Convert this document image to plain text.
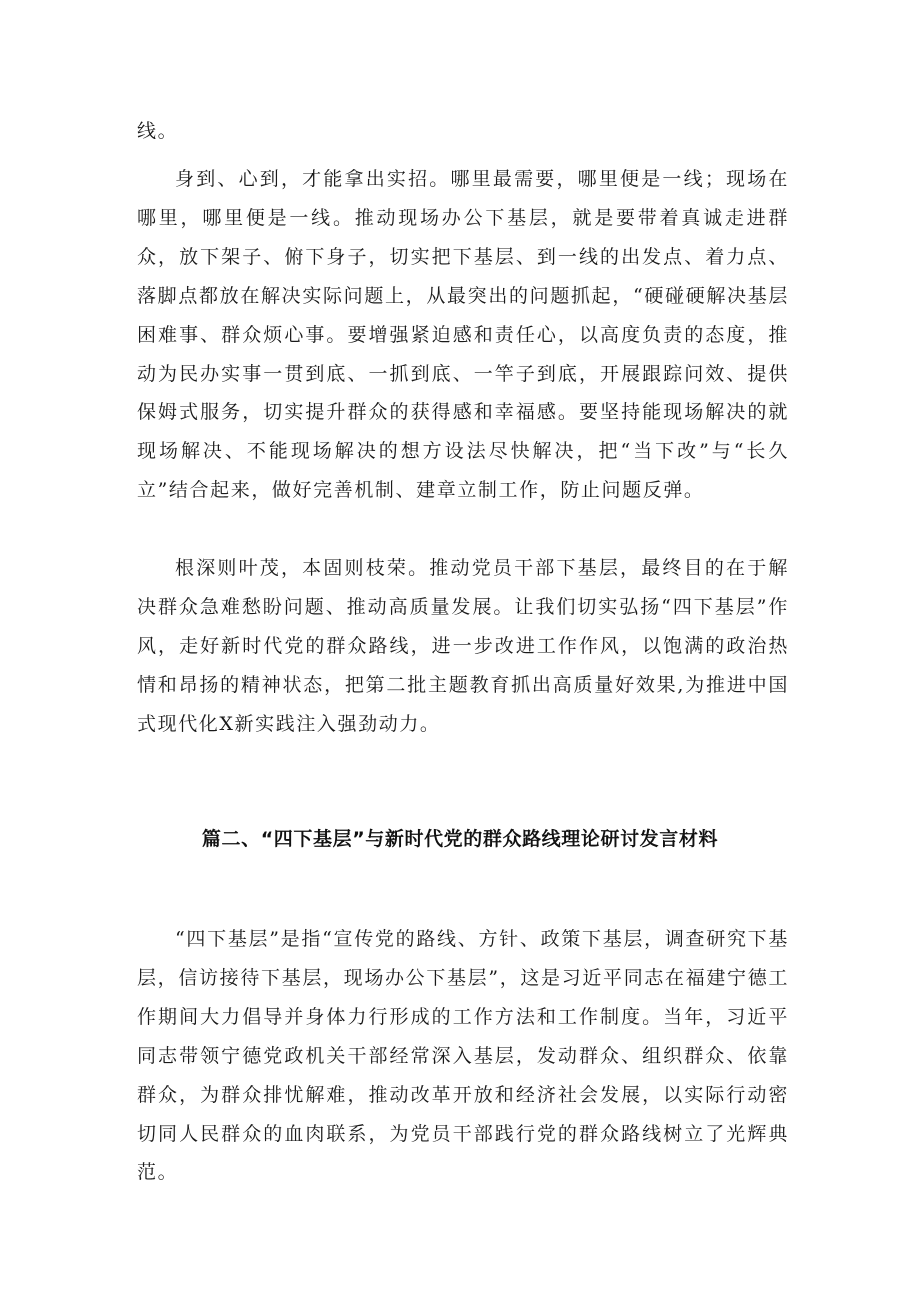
线。

身到、心到，才能拿出实招。哪里最需要，哪里便是一线；现场在哪里，哪里便是一线。推动现场办公下基层，就是要带着真诚走进群众，放下架子、俯下身子，切实把下基层、到一线的出发点、着力点、落脚点都放在解决实际问题上，从最突出的问题抓起，“硬碰硬解决基层困难事、群众烦心事。要增强紧迫感和责任心，以高度负责的态度，推动为民办实事一贯到底、一抓到底、一竿子到底，开展跟踪问效、提供保姆式服务，切实提升群众的获得感和幸福感。要坚持能现场解决的就现场解决、不能现场解决的想方设法尽快解决，把“当下改”与“长久立”结合起来，做好完善机制、建章立制工作，防止问题反弹。

根深则叶茂，本固则枝荣。推动党员干部下基层，最终目的在于解决群众急难愁盼问题、推动高质量发展。让我们切实弘扬“四下基层”作风，走好新时代党的群众路线，进一步改进工作作风，以饱满的政治热情和昂扬的精神状态，把第二批主题教育抓出高质量好效果,为推进中国式现代化X新实践注入强劲动力。

篇二、“四下基层”与新时代党的群众路线理论研讨发言材料

“四下基层”是指“宣传党的路线、方针、政策下基层，调查研究下基层，信访接待下基层，现场办公下基层”，这是习近平同志在福建宁德工作期间大力倡导并身体力行形成的工作方法和工作制度。当年，习近平同志带领宁德党政机关干部经常深入基层，发动群众、组织群众、依靠群众，为群众排忧解难，推动改革开放和经济社会发展，以实际行动密切同人民群众的血肉联系，为党员干部践行党的群众路线树立了光辉典范。
